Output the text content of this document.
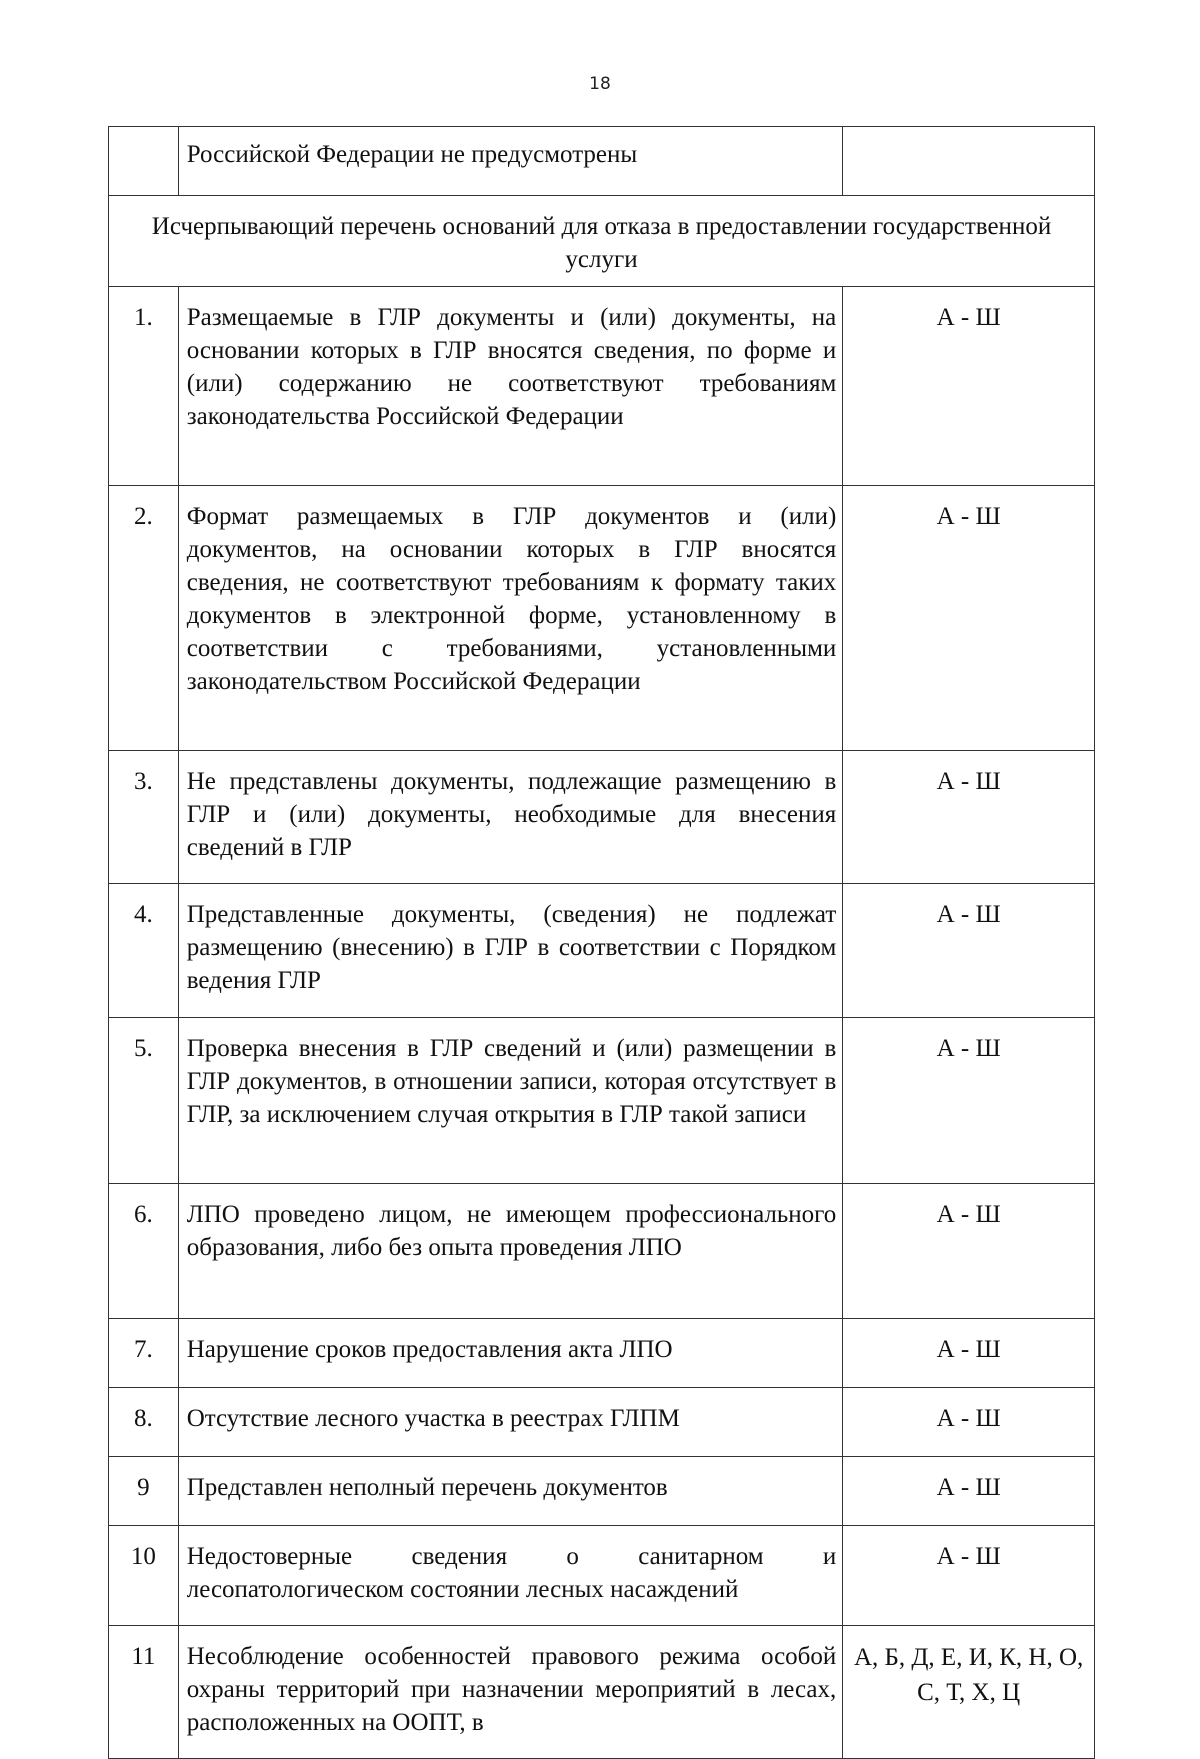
18

	Российской Федерации не предусмотрены	

Исчерпывающий перечень оснований для отказа в предоставлении государственной услуги		
1.	Размещаемые в ГЛР документы и (или) документы, на основании которых в ГЛР вносятся сведения, по форме и (или) содержанию не соответствуют требованиям законодательства Российской Федерации	А - Ш
2.	Формат размещаемых в ГЛР документов и (или) документов, на основании которых в ГЛР вносятся сведения, не соответствуют требованиям к формату таких документов в электронной форме, установленному в соответствии с требованиями, установленными законодательством Российской Федерации	А - Ш
3.	Не представлены документы, подлежащие размещению в ГЛР и (или) документы, необходимые для внесения сведений в ГЛР	А - Ш
4.	Представленные документы, (сведения) не подлежат размещению (внесению) в ГЛР в соответствии с Порядком ведения ГЛР	А - Ш
5.	Проверка внесения в ГЛР сведений и (или) размещении в ГЛР документов, в отношении записи, которая отсутствует в ГЛР, за исключением случая открытия в ГЛР такой записи	А - Ш
6.	ЛПО проведено лицом, не имеющем профессионального образования, либо без опыта проведения ЛПО	А - Ш
7.	Нарушение сроков предоставления акта ЛПО	А - Ш
8.	Отсутствие лесного участка в реестрах ГЛПМ	А - Ш
9	Представлен неполный перечень документов	А - Ш
10	Недостоверные сведения о санитарном и лесопатологическом состоянии лесных насаждений	А - Ш
11	Несоблюдение особенностей правового режима особой охраны территорий при назначении мероприятий в лесах, расположенных на ООПТ, в	А, Б, Д, Е, И, К, Н, О, С, Т, Х, Ц
